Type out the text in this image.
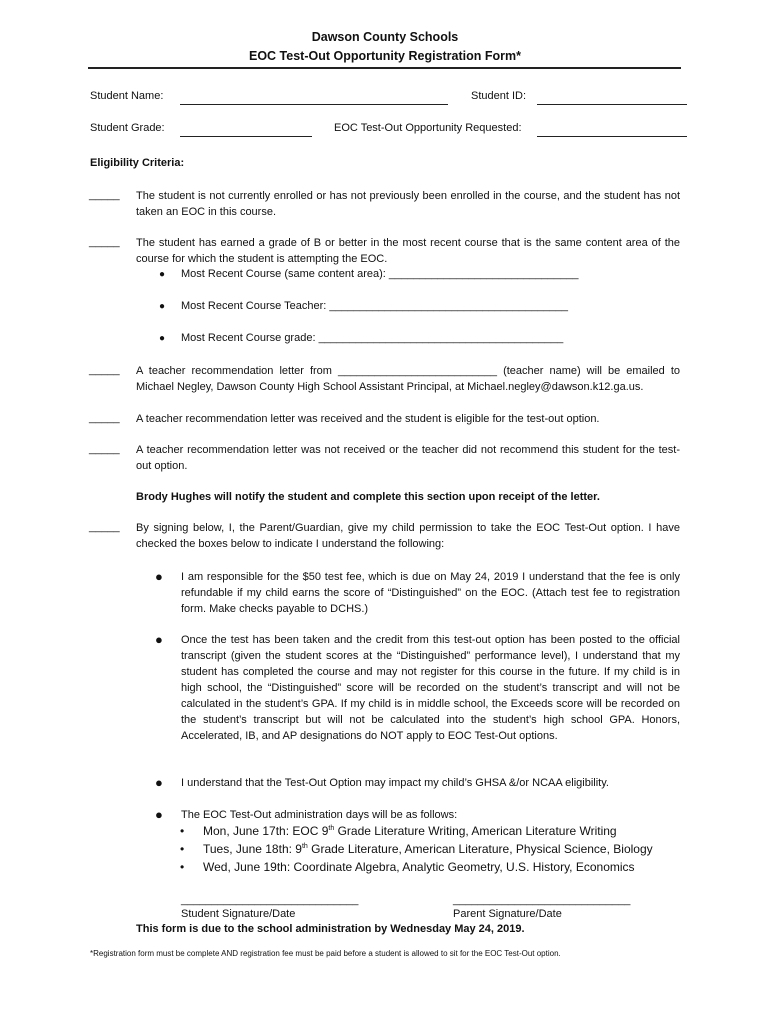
Dawson County Schools
EOC Test-Out Opportunity Registration Form*
Student Name:	Student ID:
Student Grade:	EOC Test-Out Opportunity Requested:
Eligibility Criteria:
_____ The student is not currently enrolled or has not previously been enrolled in the course, and the student has not taken an EOC in this course.
_____ The student has earned a grade of B or better in the most recent course that is the same content area of the course for which the student is attempting the EOC.
● Most Recent Course (same content area): _______________________________
● Most Recent Course Teacher: _______________________________________
● Most Recent Course grade: ________________________________________
_____ A teacher recommendation letter from __________________________ (teacher name) will be emailed to Michael Negley, Dawson County High School Assistant Principal, at Michael.negley@dawson.k12.ga.us.
_____ A teacher recommendation letter was received and the student is eligible for the test-out option.
_____ A teacher recommendation letter was not received or the teacher did not recommend this student for the test-out option.
Brody Hughes will notify the student and complete this section upon receipt of the letter.
_____ By signing below, I, the Parent/Guardian, give my child permission to take the EOC Test-Out option. I have checked the boxes below to indicate I understand the following:
● I am responsible for the $50 test fee, which is due on May 24, 2019 I understand that the fee is only refundable if my child earns the score of “Distinguished” on the EOC. (Attach test fee to registration form. Make checks payable to DCHS.)
● Once the test has been taken and the credit from this test-out option has been posted to the official transcript (given the student scores at the “Distinguished” performance level), I understand that my student has completed the course and may not register for this course in the future. If my child is in high school, the “Distinguished” score will be recorded on the student’s transcript and will not be calculated in the student’s GPA. If my child is in middle school, the Exceeds score will be recorded on the student’s transcript but will not be calculated into the student’s high school GPA. Honors, Accelerated, IB, and AP designations do NOT apply to EOC Test-Out options.
● I understand that the Test-Out Option may impact my child’s GHSA &/or NCAA eligibility.
● The EOC Test-Out administration days will be as follows:
• Mon, June 17th: EOC 9th Grade Literature Writing, American Literature Writing
• Tues, June 18th: 9th Grade Literature, American Literature, Physical Science, Biology
• Wed, June 19th: Coordinate Algebra, Analytic Geometry, U.S. History, Economics
_____________________________
Student Signature/Date
_____________________________
Parent Signature/Date
This form is due to the school administration by Wednesday May 24, 2019.
*Registration form must be complete AND registration fee must be paid before a student is allowed to sit for the EOC Test-Out option.
